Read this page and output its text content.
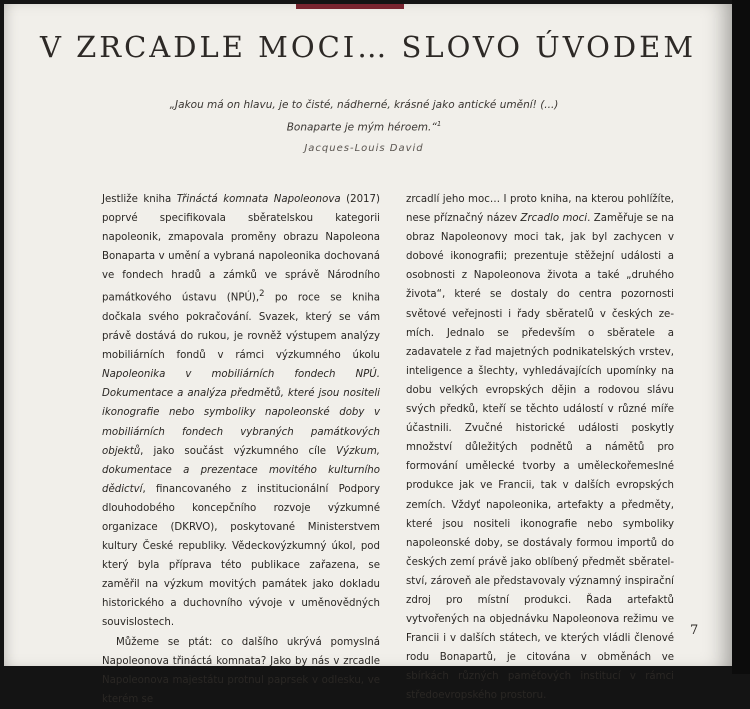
V ZRCADLE MOCI… SLOVO ÚVODEM
„Jakou má on hlavu, je to čisté, nádherné, krásné jako antické umění! (...)
Bonaparte je mým héroem.“$^1$
Jacques-Louis David

Jestliže kniha Třináctá komnata Napoleonova (2017) poprvé specifikovala sběratelskou kategorii napoleonik, zmapovala proměny obrazu Napoleona Bonaparta v umění a vybraná napoleonika dochovaná ve fondech hradů a zámků ve správě Národního památkového ústavu (NPÚ),$^2$ po roce se kniha dočkala svého pokračování. Svazek, který se vám právě dostává do rukou, je rovněž výstupem analýzy mobiliárních fondů v rámci výzkumného úkolu Napoleonika v mobiliárních fondech NPÚ. Dokumentace a analýza předmětů, které jsou nositeli ikonografie nebo symboliky napoleonské doby v mobiliárních fondech vybraných památkových objektů, jako součást výzkumného cíle Výzkum, dokumentace a prezentace movitého kulturního dědictví, financovaného z institucionální Podpory dlouhodobého koncepčního rozvoje výzkumné organizace (DKRVO), poskytované Ministerstvem kultury České republiky. Vědeckovýzkumný úkol, pod který byla příprava této publikace zařazena, se zaměřil na výzkum movitých památek jako dokladu historického a duchovního vývoje v uměnovědných souvislostech.

Můžeme se ptát: co dalšího ukrývá pomyslná Napoleonova třináctá komnata? Jako by nás v zrcadle Napoleonova majestátu protnul paprsek v odlesku, ve kterém se

zrcadlí jeho moc… I proto kniha, na kterou pohlížíte, nese příznačný název Zrcadlo moci. Zaměřuje se na obraz Napoleonovy moci tak, jak byl zachycen v dobové ikonografii; prezentuje stěžejní události a osobnosti z Napoleonova života a také „druhého života“, které se dostaly do centra pozornosti světové veřejnosti i řady sběratelů v českých zemích. Jednalo se především o sběratele a zadavatele z řad majetných podnikatelských vrstev, inteligence a šlechty, vyhledávajících upomínky na dobu velkých evropských dějin a rodovou slávu svých předků, kteří se těchto událostí v různé míře účastnili. Zvučné historické události poskytly množství důležitých podnětů a námětů pro formování umělecké tvorby a uměleckořemeslné produkce jak ve Francii, tak v dalších evropských zemích. Vždyť napoleonika, artefakty a předměty, které jsou nositeli ikonografie nebo symboliky napoleonské doby, se dostávaly formou importů do českých zemí právě jako oblíbený předmět sběratelství, zároveň ale představovaly významný inspirační zdroj pro místní produkci. Řada artefaktů vytvořených na objednávku Napoleonova režimu ve Francii i v dalších státech, ve kterých vládli členové rodu Bonapartů, je citována v obměnách ve sbírkách různých paměťových institucí v rámci středoevropského prostoru.

7
